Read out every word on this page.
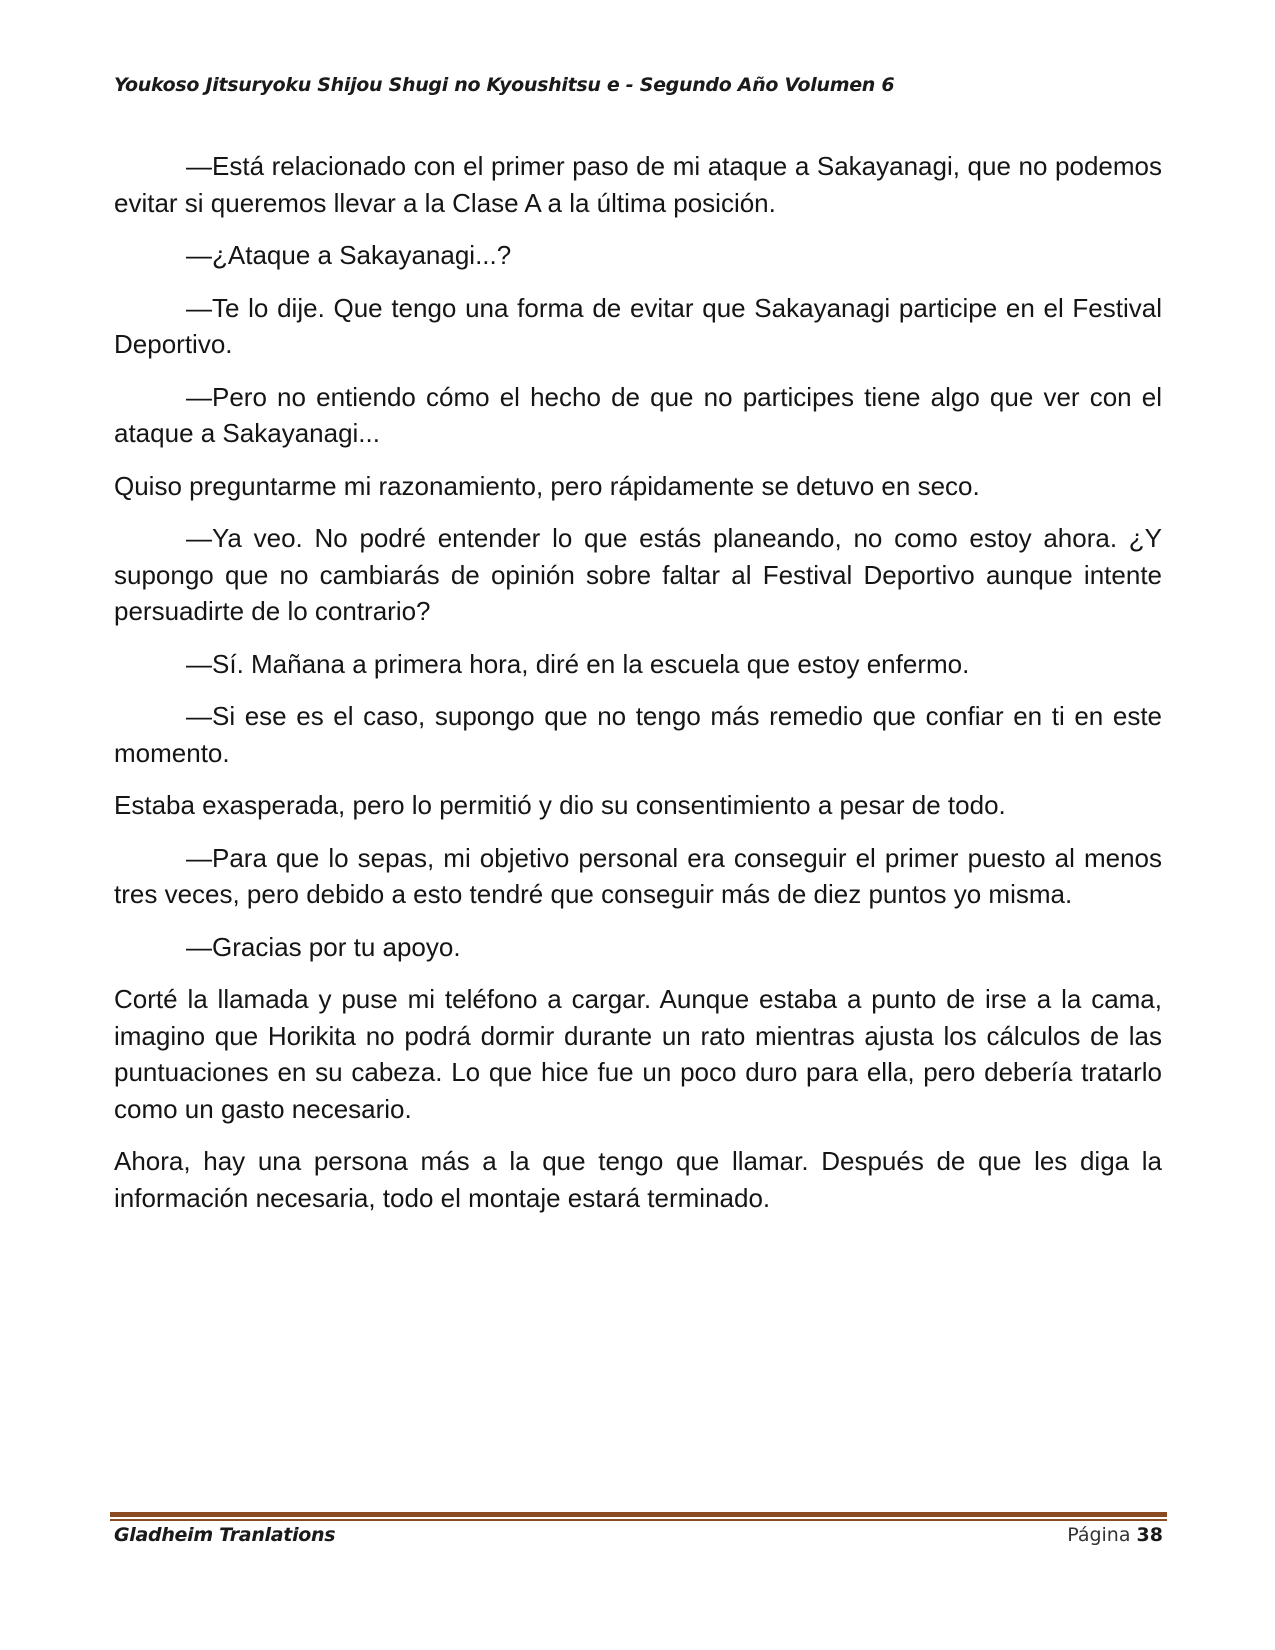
Youkoso Jitsuryoku Shijou Shugi no Kyoushitsu e - Segundo Año Volumen 6

—Está relacionado con el primer paso de mi ataque a Sakayanagi, que no podemos evitar si queremos llevar a la Clase A a la última posición.

—¿Ataque a Sakayanagi...?

—Te lo dije. Que tengo una forma de evitar que Sakayanagi participe en el Festival Deportivo.

—Pero no entiendo cómo el hecho de que no participes tiene algo que ver con el ataque a Sakayanagi...

Quiso preguntarme mi razonamiento, pero rápidamente se detuvo en seco.

—Ya veo. No podré entender lo que estás planeando, no como estoy ahora. ¿Y supongo que no cambiarás de opinión sobre faltar al Festival Deportivo aunque intente persuadirte de lo contrario?

—Sí. Mañana a primera hora, diré en la escuela que estoy enfermo.

—Si ese es el caso, supongo que no tengo más remedio que confiar en ti en este momento.

Estaba exasperada, pero lo permitió y dio su consentimiento a pesar de todo.

—Para que lo sepas, mi objetivo personal era conseguir el primer puesto al menos tres veces, pero debido a esto tendré que conseguir más de diez puntos yo misma.

—Gracias por tu apoyo.

Corté la llamada y puse mi teléfono a cargar. Aunque estaba a punto de irse a la cama, imagino que Horikita no podrá dormir durante un rato mientras ajusta los cálculos de las puntuaciones en su cabeza. Lo que hice fue un poco duro para ella, pero debería tratarlo como un gasto necesario.

Ahora, hay una persona más a la que tengo que llamar. Después de que les diga la información necesaria, todo el montaje estará terminado.

Gladheim Tranlations	Página 38
